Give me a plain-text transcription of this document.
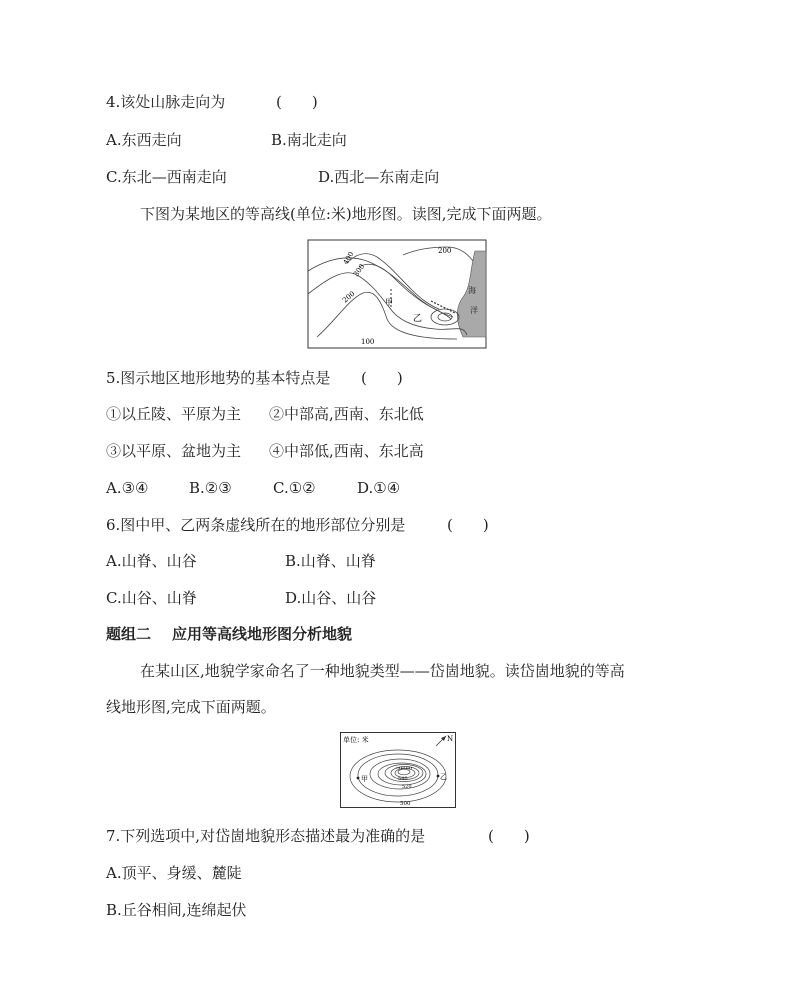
4.该处山脉走向为	(　　)
A.东西走向	B.南北走向
C.东北—西南走向	D.西北—东南走向
下图为某地区的等高线(单位:米)地形图。读图,完成下面两题。
200
400
300
200
100
甲
乙
海
洋
5.图示地区地形地势的基本特点是 (　　)
①以丘陵、平原为主 ②中部高,西南、东北低
③以平原、盆地为主 ④中部低,西南、东北高
A.③④	B.②③	C.①②	D.①④
6.图中甲、乙两条虚线所在的地形部位分别是	(　　)
A.山脊、山谷	B.山脊、山脊
C.山谷、山脊	D.山谷、山谷
题组二 应用等高线地形图分析地貌
在某山区,地貌学家命名了一种地貌类型——岱崮地貌。读岱崮地貌的等高
线地形图,完成下面两题。
单位: 米	N
甲	乙
540
520
500
7.下列选项中,对岱崮地貌形态描述最为准确的是	(　　)
A.顶平、身缓、麓陡
B.丘谷相间,连绵起伏
